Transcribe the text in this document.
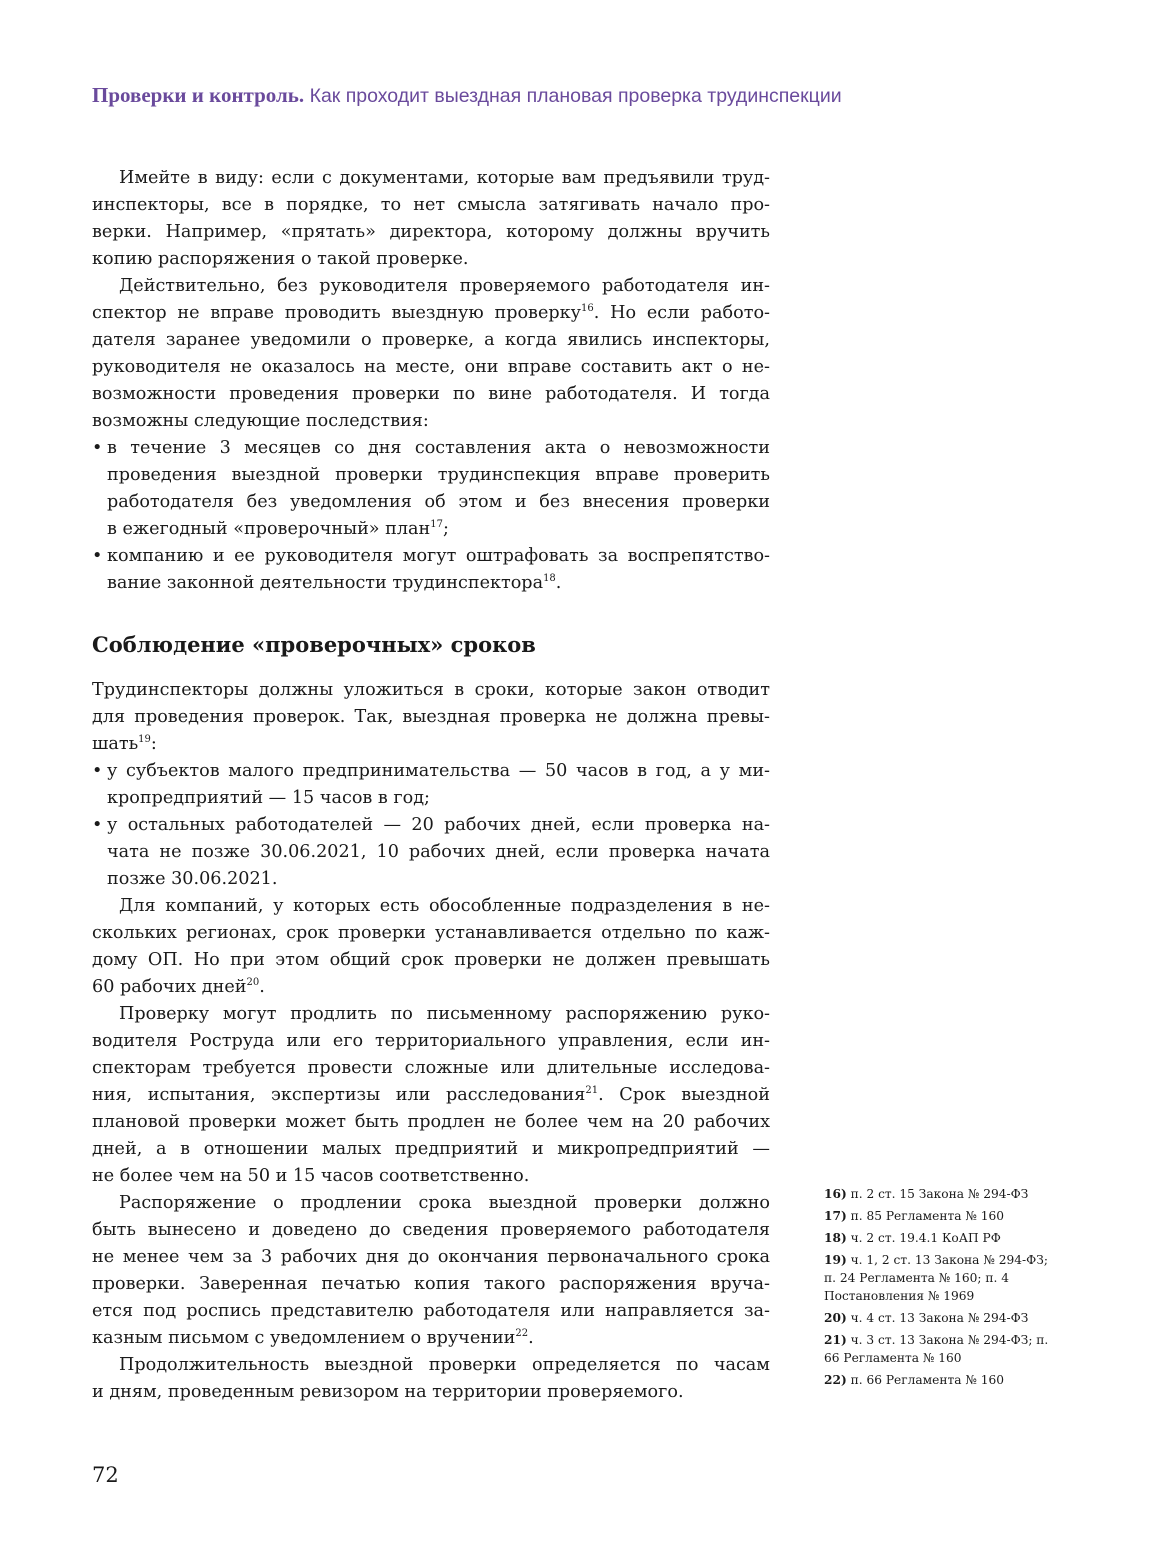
Проверки и контроль. Как проходит выездная плановая проверка трудинспекции
Имейте в виду: если с документами, которые вам предъявили труд-
инспекторы, все в порядке, то нет смысла затягивать начало про-
верки. Например, «прятать» директора, которому должны вручить
копию распоряжения о такой проверке.
Действительно, без руководителя проверяемого работодателя ин-
спектор не вправе проводить выездную проверку$^{16}$. Но если работо-
дателя заранее уведомили о проверке, а когда явились инспекторы,
руководителя не оказалось на месте, они вправе составить акт о не-
возможности проведения проверки по вине работодателя. И тогда
возможны следующие последствия:
• в течение 3 месяцев со дня составления акта о невозможности
проведения выездной проверки трудинспекция вправе проверить
работодателя без уведомления об этом и без внесения проверки
в ежегодный «проверочный» план$^{17}$;
• компанию и ее руководителя могут оштрафовать за воспрепятство-
вание законной деятельности трудинспектора$^{18}$.
Соблюдение «проверочных» сроков
Трудинспекторы должны уложиться в сроки, которые закон отводит
для проведения проверок. Так, выездная проверка не должна превы-
шать$^{19}$:
• у субъектов малого предпринимательства — 50 часов в год, а у ми-
кропредприятий — 15 часов в год;
• у остальных работодателей — 20 рабочих дней, если проверка на-
чата не позже 30.06.2021, 10 рабочих дней, если проверка начата
позже 30.06.2021.
Для компаний, у которых есть обособленные подразделения в не-
скольких регионах, срок проверки устанавливается отдельно по каж-
дому ОП. Но при этом общий срок проверки не должен превышать
60 рабочих дней$^{20}$.
Проверку могут продлить по письменному распоряжению руко-
водителя Роструда или его территориального управления, если ин-
спекторам требуется провести сложные или длительные исследова-
ния, испытания, экспертизы или расследования$^{21}$. Срок выездной
плановой проверки может быть продлен не более чем на 20 рабочих
дней, а в отношении малых предприятий и микропредприятий —
не более чем на 50 и 15 часов соответственно.
Распоряжение о продлении срока выездной проверки должно
быть вынесено и доведено до сведения проверяемого работодателя
не менее чем за 3 рабочих дня до окончания первоначального срока
проверки. Заверенная печатью копия такого распоряжения вруча-
ется под роспись представителю работодателя или направляется за-
казным письмом с уведомлением о вручении$^{22}$.
Продолжительность выездной проверки определяется по часам
и дням, проведенным ревизором на территории проверяемого.
16) п. 2 ст. 15 Закона № 294-ФЗ
17) п. 85 Регламента № 160
18) ч. 2 ст. 19.4.1 КоАП РФ
19) ч. 1, 2 ст. 13 Закона № 294-ФЗ; п. 24 Регламента № 160; п. 4 Постановления № 1969
20) ч. 4 ст. 13 Закона № 294-ФЗ
21) ч. 3 ст. 13 Закона № 294-ФЗ; п. 66 Регламента № 160
22) п. 66 Регламента № 160
72
